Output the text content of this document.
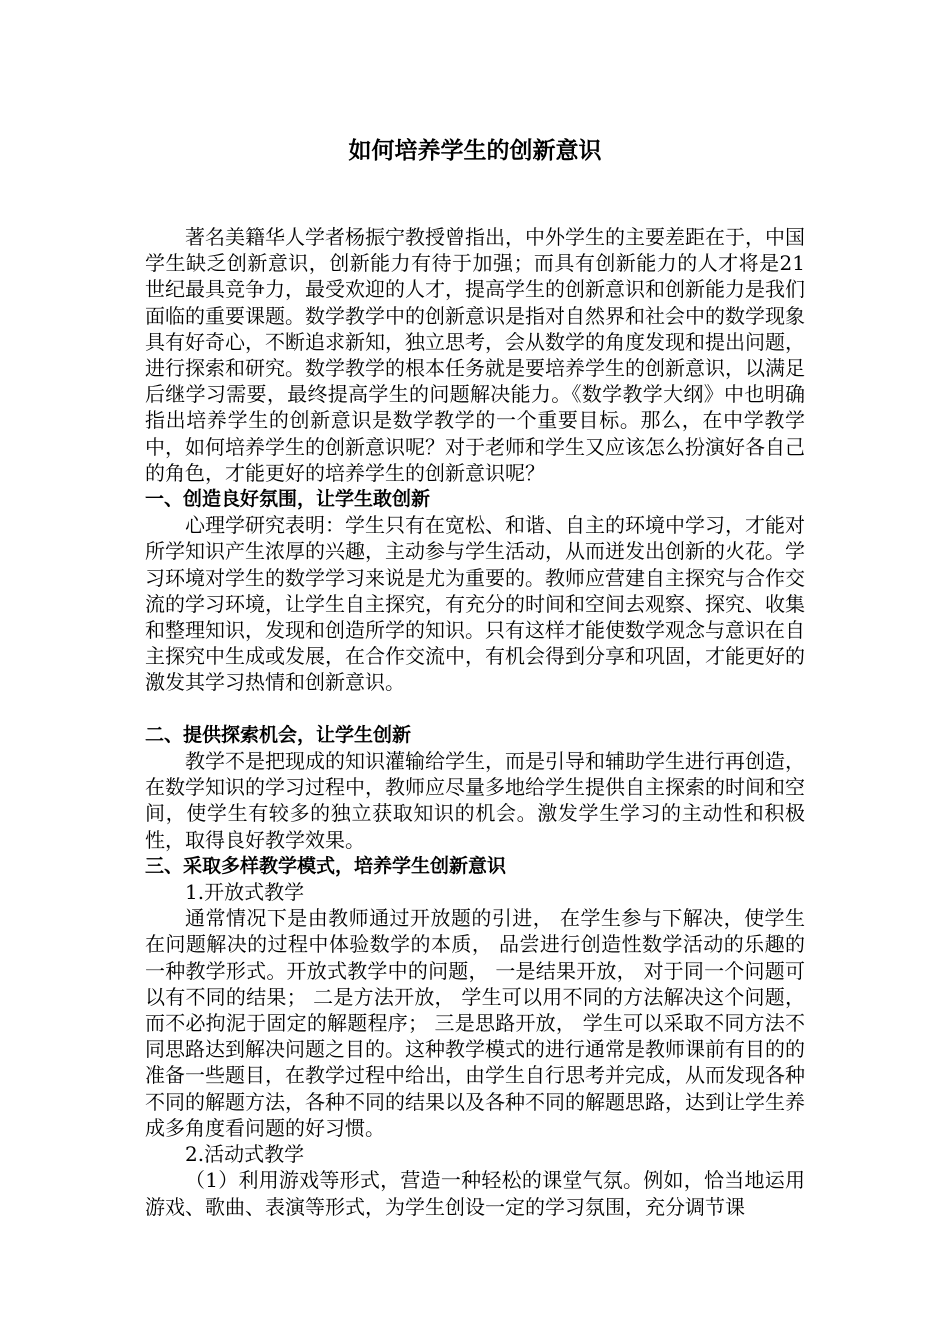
如何培养学生的创新意识

著名美籍华人学者杨振宁教授曾指出，中外学生的主要差距在于，中国学生缺乏创新意识，创新能力有待于加强；而具有创新能力的人才将是21 世纪最具竞争力，最受欢迎的人才，提高学生的创新意识和创新能力是我们面临的重要课题。数学教学中的创新意识是指对自然界和社会中的数学现象具有好奇心，不断追求新知，独立思考，会从数学的角度发现和提出问题，进行探索和研究。数学教学的根本任务就是要培养学生的创新意识，以满足后继学习需要，最终提高学生的问题解决能力。《数学教学大纲》中也明确指出培养学生的创新意识是数学教学的一个重要目标。那么，在中学教学中，如何培养学生的创新意识呢？对于老师和学生又应该怎么扮演好各自己的角色，才能更好的培养学生的创新意识呢？

一、创造良好氛围，让学生敢创新

心理学研究表明：学生只有在宽松、和谐、自主的环境中学习，才能对所学知识产生浓厚的兴趣，主动参与学生活动，从而迸发出创新的火花。学习环境对学生的数学学习来说是尤为重要的。教师应营建自主探究与合作交流的学习环境，让学生自主探究，有充分的时间和空间去观察、探究、收集和整理知识，发现和创造所学的知识。只有这样才能使数学观念与意识在自主探究中生成或发展，在合作交流中，有机会得到分享和巩固，才能更好的激发其学习热情和创新意识。

二、提供探索机会，让学生创新

教学不是把现成的知识灌输给学生，而是引导和辅助学生进行再创造，在数学知识的学习过程中，教师应尽量多地给学生提供自主探索的时间和空间，使学生有较多的独立获取知识的机会。激发学生学习的主动性和积极性，取得良好教学效果。

三、采取多样教学模式，培养学生创新意识

1.开放式教学

通常情况下是由教师通过开放题的引进， 在学生参与下解决，使学生在问题解决的过程中体验数学的本质， 品尝进行创造性数学活动的乐趣的一种教学形式。开放式教学中的问题， 一是结果开放， 对于同一个问题可以有不同的结果； 二是方法开放， 学生可以用不同的方法解决这个问题， 而不必拘泥于固定的解题程序； 三是思路开放， 学生可以采取不同方法不同思路达到解决问题之目的。这种教学模式的进行通常是教师课前有目的的准备一些题目，在教学过程中给出，由学生自行思考并完成，从而发现各种不同的解题方法，各种不同的结果以及各种不同的解题思路，达到让学生养成多角度看问题的好习惯。

2.活动式教学

（1）利用游戏等形式，营造一种轻松的课堂气氛。例如，恰当地运用游戏、歌曲、表演等形式，为学生创设一定的学习氛围，充分调节课
